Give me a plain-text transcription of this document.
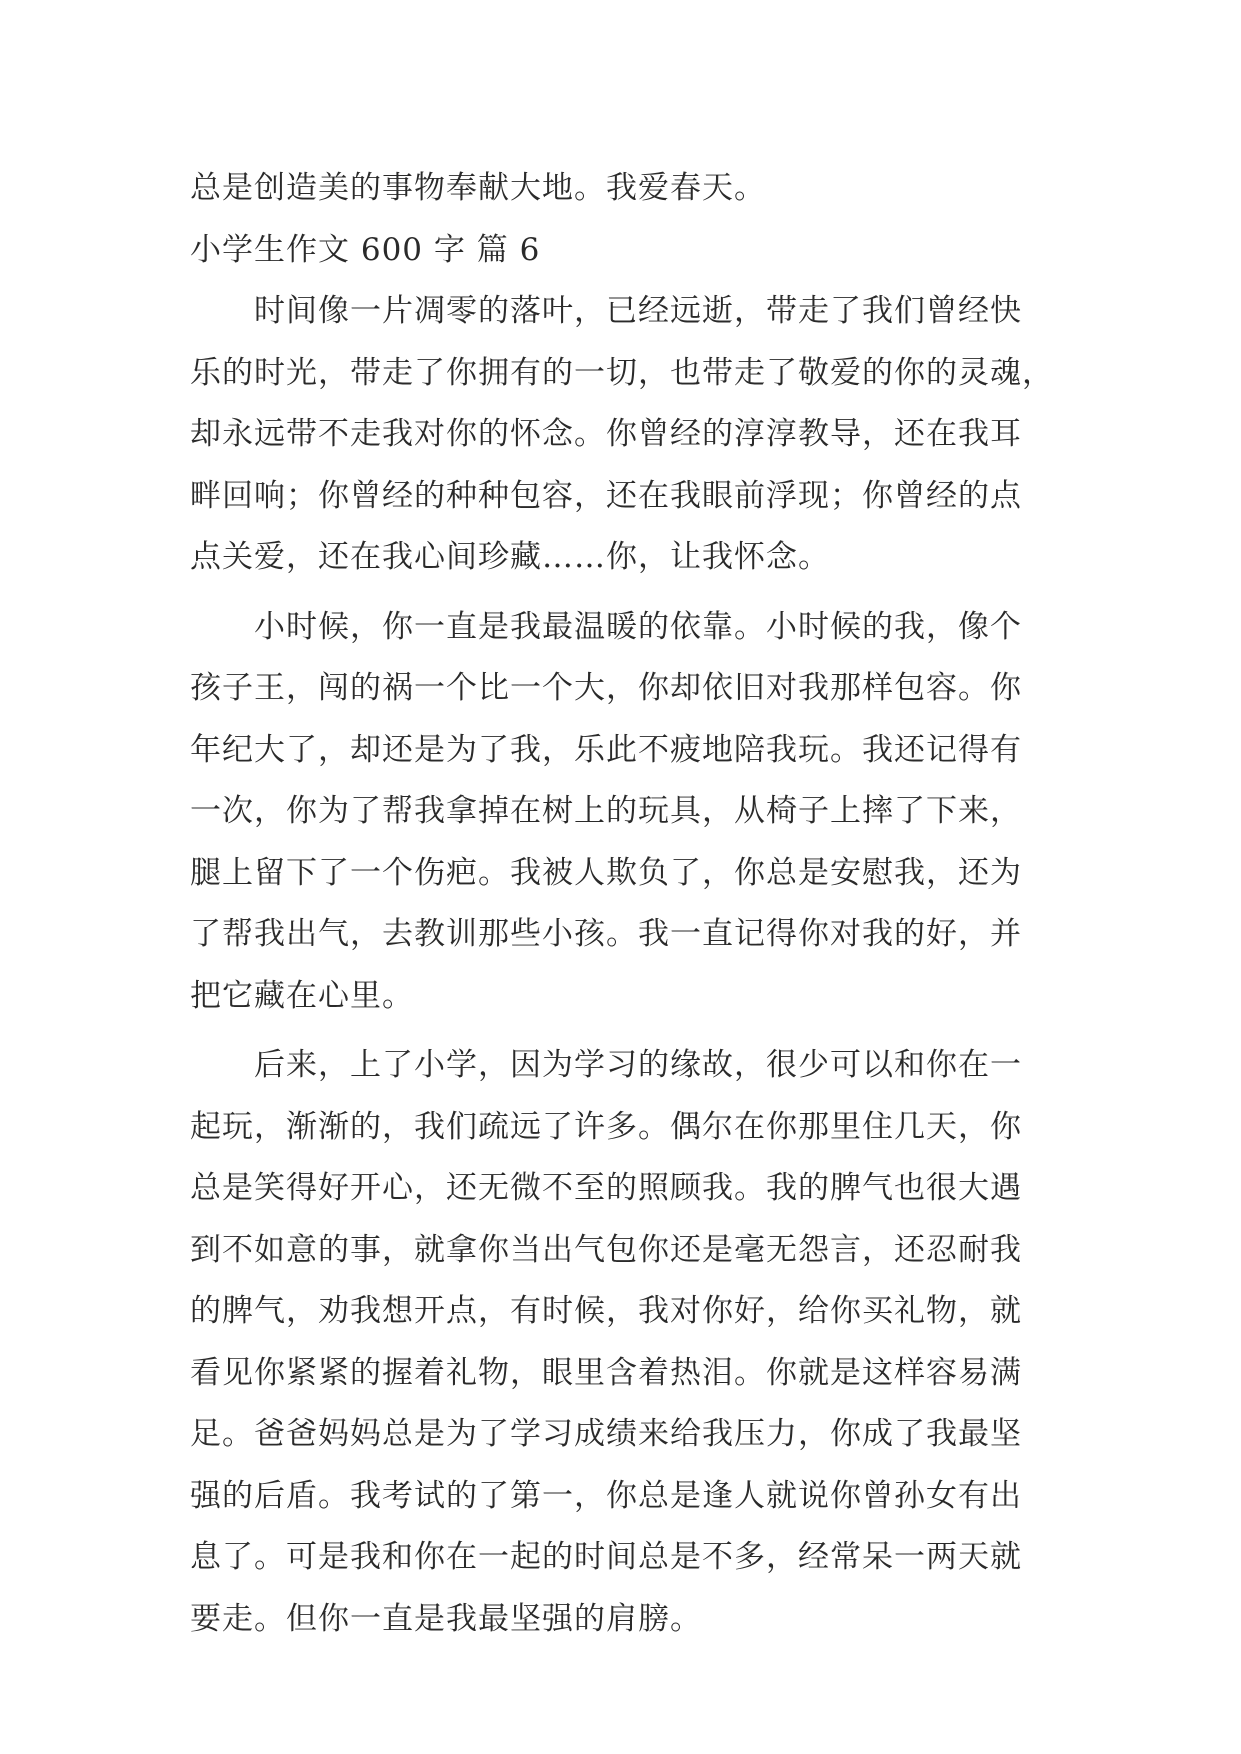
总是创造美的事物奉献大地。我爱春天。
小学生作文 600 字 篇 6
　　时间像一片凋零的落叶，已经远逝，带走了我们曾经快
乐的时光，带走了你拥有的一切，也带走了敬爱的你的灵魂，
却永远带不走我对你的怀念。你曾经的淳淳教导，还在我耳
畔回响；你曾经的种种包容，还在我眼前浮现；你曾经的点
点关爱，还在我心间珍藏……你，让我怀念。
　　小时候，你一直是我最温暖的依靠。小时候的我，像个
孩子王，闯的祸一个比一个大，你却依旧对我那样包容。你
年纪大了，却还是为了我，乐此不疲地陪我玩。我还记得有
一次，你为了帮我拿掉在树上的玩具，从椅子上摔了下来，
腿上留下了一个伤疤。我被人欺负了，你总是安慰我，还为
了帮我出气，去教训那些小孩。我一直记得你对我的好，并
把它藏在心里。
　　后来，上了小学，因为学习的缘故，很少可以和你在一
起玩，渐渐的，我们疏远了许多。偶尔在你那里住几天，你
总是笑得好开心，还无微不至的照顾我。我的脾气也很大遇
到不如意的事，就拿你当出气包你还是毫无怨言，还忍耐我
的脾气，劝我想开点，有时候，我对你好，给你买礼物，就
看见你紧紧的握着礼物，眼里含着热泪。你就是这样容易满
足。爸爸妈妈总是为了学习成绩来给我压力，你成了我最坚
强的后盾。我考试的了第一，你总是逢人就说你曾孙女有出
息了。可是我和你在一起的时间总是不多，经常呆一两天就
要走。但你一直是我最坚强的肩膀。
